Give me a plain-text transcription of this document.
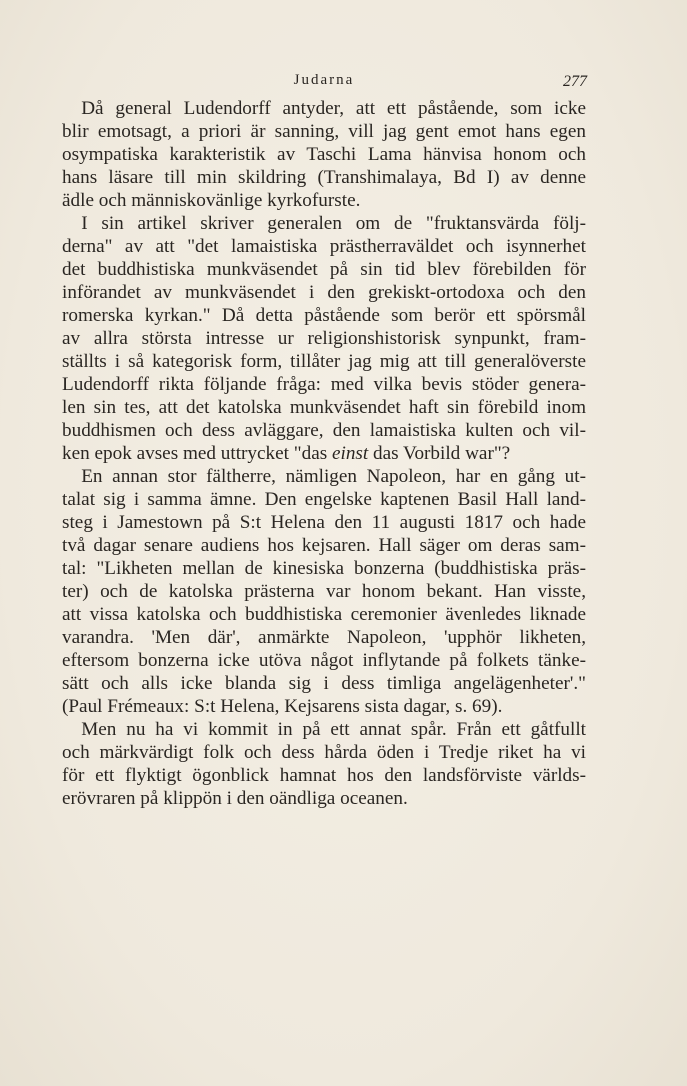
Judarna	277
 Då general Ludendorff antyder, att ett påstående, som icke
blir emotsagt, a priori är sanning, vill jag gent emot hans egen
osympatiska karakteristik av Taschi Lama hänvisa honom och
hans läsare till min skildring (Transhimalaya, Bd I) av denne
ädle och människovänlige kyrkofurste.
 I sin artikel skriver generalen om de "fruktansvärda följ-
derna" av att "det lamaistiska prästherraväldet och isynnerhet
det buddhistiska munkväsendet på sin tid blev förebilden för
införandet av munkväsendet i den grekiskt-ortodoxa och den
romerska kyrkan." Då detta påstående som berör ett spörsmål
av allra största intresse ur religionshistorisk synpunkt, fram-
ställts i så kategorisk form, tillåter jag mig att till generalöverste
Ludendorff rikta följande fråga: med vilka bevis stöder genera-
len sin tes, att det katolska munkväsendet haft sin förebild inom
buddhismen och dess avläggare, den lamaistiska kulten och vil-
ken epok avses med uttrycket "das einst das Vorbild war"?
 En annan stor fältherre, nämligen Napoleon, har en gång ut-
talat sig i samma ämne. Den engelske kaptenen Basil Hall land-
steg i Jamestown på S:t Helena den 11 augusti 1817 och hade
två dagar senare audiens hos kejsaren. Hall säger om deras sam-
tal: "Likheten mellan de kinesiska bonzerna (buddhistiska präs-
ter) och de katolska prästerna var honom bekant. Han visste,
att vissa katolska och buddhistiska ceremonier ävenledes liknade
varandra. 'Men där', anmärkte Napoleon, 'upphör likheten,
eftersom bonzerna icke utöva något inflytande på folkets tänke-
sätt och alls icke blanda sig i dess timliga angelägenheter'."
(Paul Frémeaux: S:t Helena, Kejsarens sista dagar, s. 69).
 Men nu ha vi kommit in på ett annat spår. Från ett gåtfullt
och märkvärdigt folk och dess hårda öden i Tredje riket ha vi
för ett flyktigt ögonblick hamnat hos den landsförviste världs-
erövraren på klippön i den oändliga oceanen.
